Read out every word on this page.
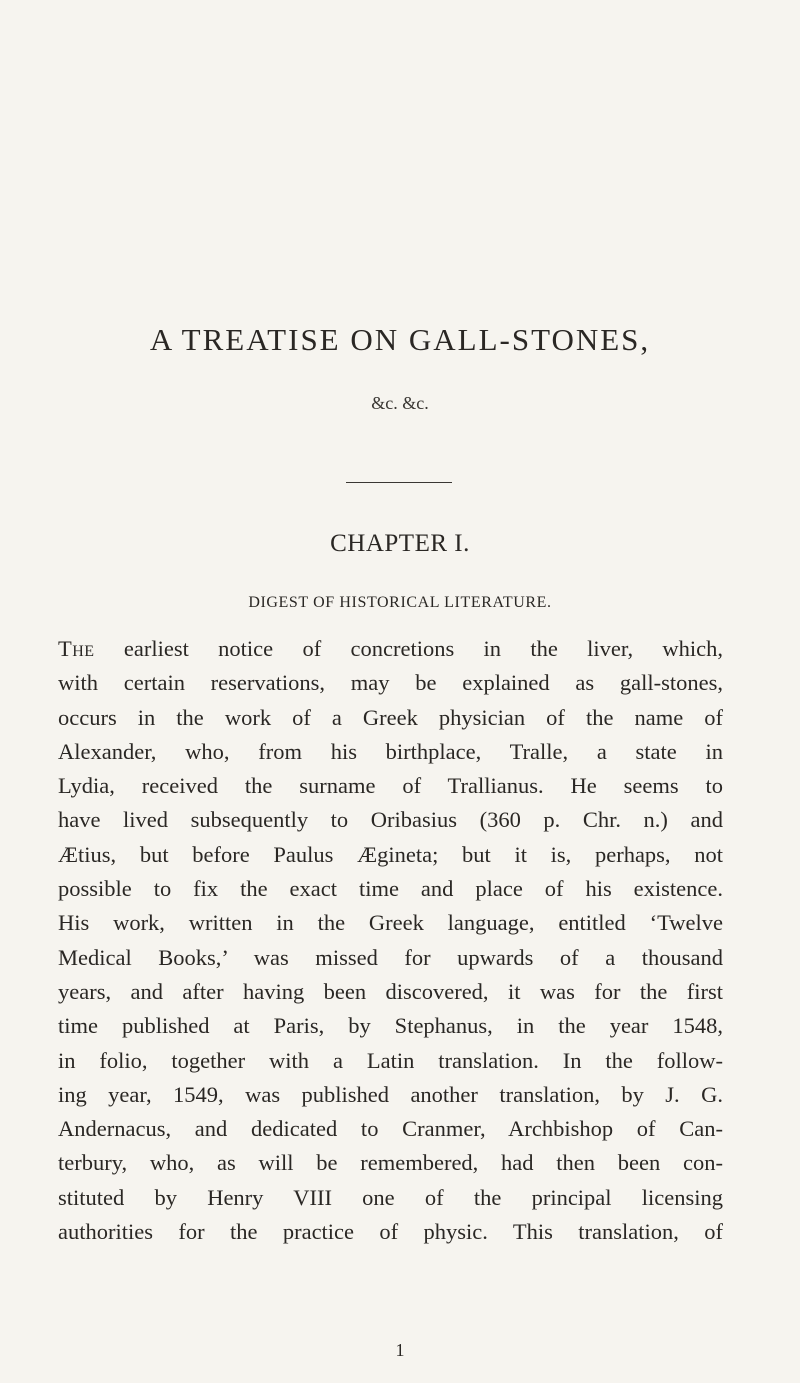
A TREATISE ON GALL-STONES,
&c. &c.
CHAPTER I.
DIGEST OF HISTORICAL LITERATURE.
The earliest notice of concretions in the liver, which,
with certain reservations, may be explained as gall-stones,
occurs in the work of a Greek physician of the name of
Alexander, who, from his birthplace, Tralle, a state in
Lydia, received the surname of Trallianus. He seems to
have lived subsequently to Oribasius (360 p. Chr. n.) and
Ætius, but before Paulus Ægineta; but it is, perhaps, not
possible to fix the exact time and place of his existence.
His work, written in the Greek language, entitled ‘Twelve
Medical Books,’ was missed for upwards of a thousand
years, and after having been discovered, it was for the first
time published at Paris, by Stephanus, in the year 1548,
in folio, together with a Latin translation. In the follow-
ing year, 1549, was published another translation, by J. G.
Andernacus, and dedicated to Cranmer, Archbishop of Can-
terbury, who, as will be remembered, had then been con-
stituted by Henry VIII one of the principal licensing
authorities for the practice of physic. This translation, of
1
